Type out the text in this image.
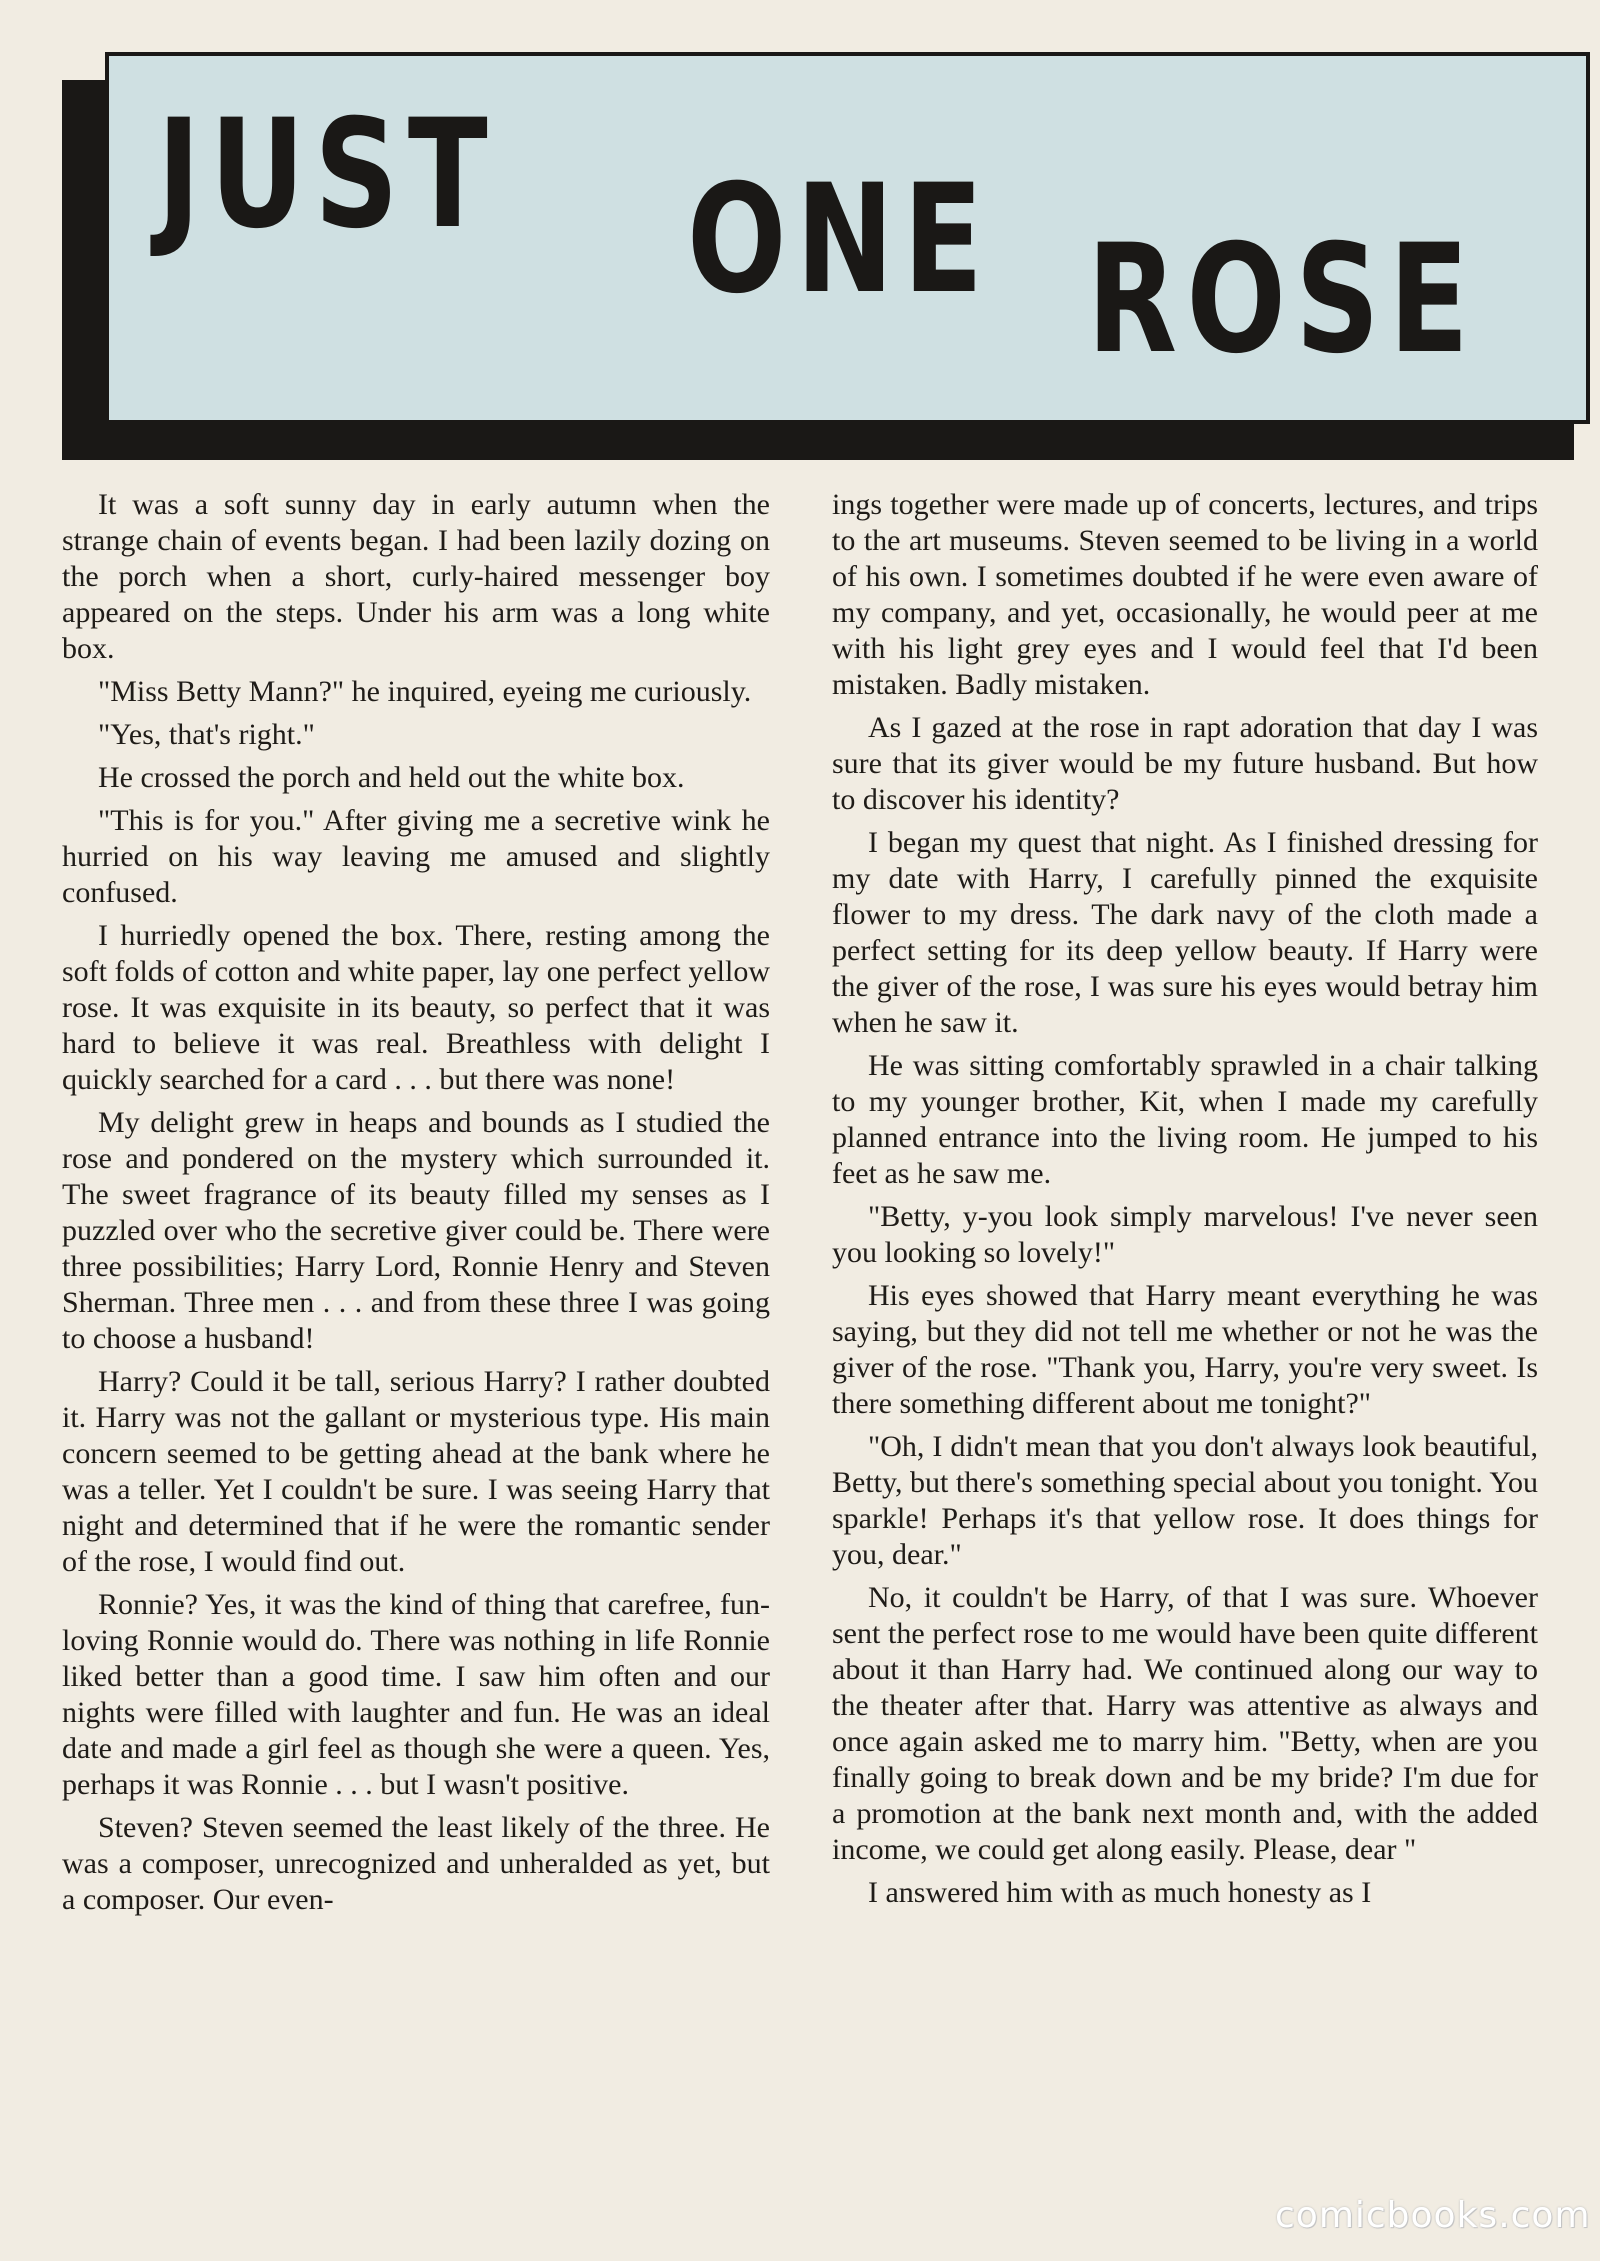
JUST ONE ROSE

It was a soft sunny day in early autumn when the strange chain of events began. I had been lazily dozing on the porch when a short, curly-haired messenger boy appeared on the steps. Under his arm was a long white box.

"Miss Betty Mann?" he inquired, eyeing me curiously.

"Yes, that's right."

He crossed the porch and held out the white box.

"This is for you." After giving me a secretive wink he hurried on his way leaving me amused and slightly confused.

I hurriedly opened the box. There, resting among the soft folds of cotton and white paper, lay one perfect yellow rose. It was exquisite in its beauty, so perfect that it was hard to believe it was real. Breathless with delight I quickly searched for a card . . . but there was none!

My delight grew in heaps and bounds as I studied the rose and pondered on the mystery which surrounded it. The sweet fragrance of its beauty filled my senses as I puzzled over who the secretive giver could be. There were three possibilities; Harry Lord, Ronnie Henry and Steven Sherman. Three men . . . and from these three I was going to choose a husband!

Harry? Could it be tall, serious Harry? I rather doubted it. Harry was not the gallant or mysterious type. His main concern seemed to be getting ahead at the bank where he was a teller. Yet I couldn't be sure. I was seeing Harry that night and determined that if he were the romantic sender of the rose, I would find out.

Ronnie? Yes, it was the kind of thing that carefree, fun-loving Ronnie would do. There was nothing in life Ronnie liked better than a good time. I saw him often and our nights were filled with laughter and fun. He was an ideal date and made a girl feel as though she were a queen. Yes, perhaps it was Ronnie . . . but I wasn't positive.

Steven? Steven seemed the least likely of the three. He was a composer, unrecognized and unheralded as yet, but a composer. Our even-

ings together were made up of concerts, lectures, and trips to the art museums. Steven seemed to be living in a world of his own. I sometimes doubted if he were even aware of my company, and yet, occasionally, he would peer at me with his light grey eyes and I would feel that I'd been mistaken. Badly mistaken.

As I gazed at the rose in rapt adoration that day I was sure that its giver would be my future husband. But how to discover his identity?

I began my quest that night. As I finished dressing for my date with Harry, I carefully pinned the exquisite flower to my dress. The dark navy of the cloth made a perfect setting for its deep yellow beauty. If Harry were the giver of the rose, I was sure his eyes would betray him when he saw it.

He was sitting comfortably sprawled in a chair talking to my younger brother, Kit, when I made my carefully planned entrance into the living room. He jumped to his feet as he saw me.

"Betty, y-you look simply marvelous! I've never seen you looking so lovely!"

His eyes showed that Harry meant everything he was saying, but they did not tell me whether or not he was the giver of the rose. "Thank you, Harry, you're very sweet. Is there something different about me tonight?"

"Oh, I didn't mean that you don't always look beautiful, Betty, but there's something special about you tonight. You sparkle! Perhaps it's that yellow rose. It does things for you, dear."

No, it couldn't be Harry, of that I was sure. Whoever sent the perfect rose to me would have been quite different about it than Harry had. We continued along our way to the theater after that. Harry was attentive as always and once again asked me to marry him. "Betty, when are you finally going to break down and be my bride? I'm due for a promotion at the bank next month and, with the added income, we could get along easily. Please, dear "

I answered him with as much honesty as I

comicbooks.com
